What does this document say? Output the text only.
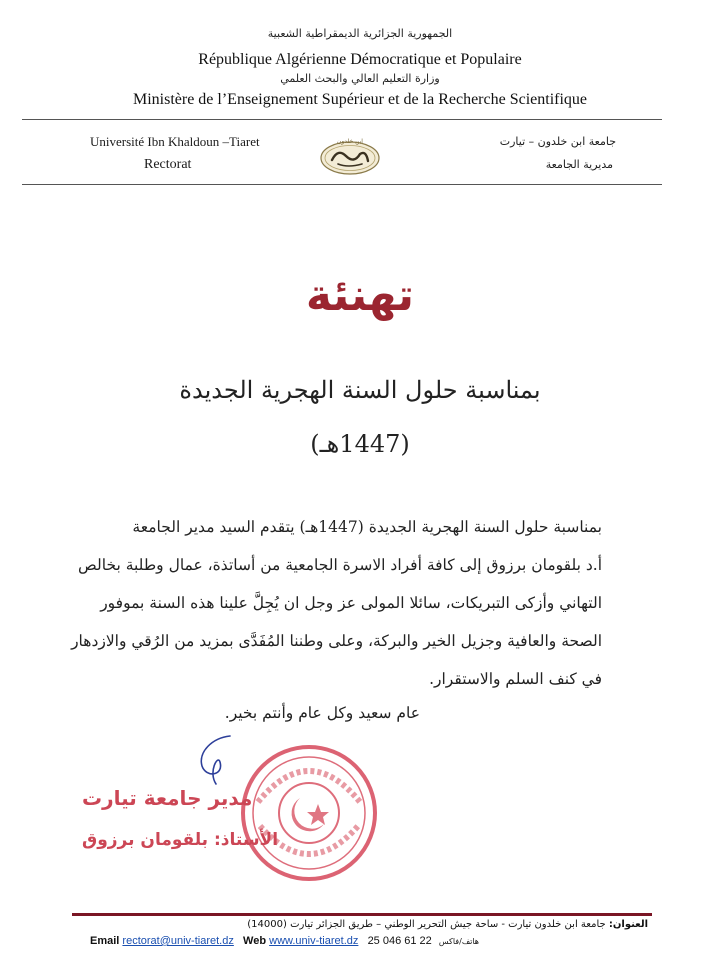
الجمهورية الجزائرية الديمقراطية الشعبية
République Algérienne Démocratique et Populaire
وزارة التعليم العالي والبحث العلمي
Ministère de l’Enseignement Supérieur et de la Recherche Scientifique
Université Ibn Khaldoun –Tiaret
Rectorat
جامعة ابن خلدون – تيارت
مديرية الجامعة
ابن خلدون
تهنئة
بمناسبة حلول السنة الهجرية الجديدة
(1447هـ)
بمناسبة حلول السنة الهجرية الجديدة (1447هـ) يتقدم السيد مدير الجامعة
أ.د بلقومان برزوق إلى كافة أفراد الاسرة الجامعية من أساتذة، عمال وطلبة بخالص
التهاني وأزكى التبريكات، سائلا المولى عز وجل ان يُجِلَّ علينا هذه السنة بموفور
الصحة والعافية وجزيل الخير والبركة، وعلى وطننا المُفَدَّى بمزيد من الرُقي والازدهار
في كنف السلم والاستقرار.
عام سعيد وكل عام وأنتم بخير.
مدير جامعة تيارت
الأستاذ: بلقومان برزوق
العنوان: جامعة ابن خلدون تيارت - ساحة جيش التحرير الوطني – طريق الجزائر تيارت (14000)
Email rectorat@univ-tiaret.dz Web www.univ-tiaret.dz 25 046 61 22 هاتف/فاكس
